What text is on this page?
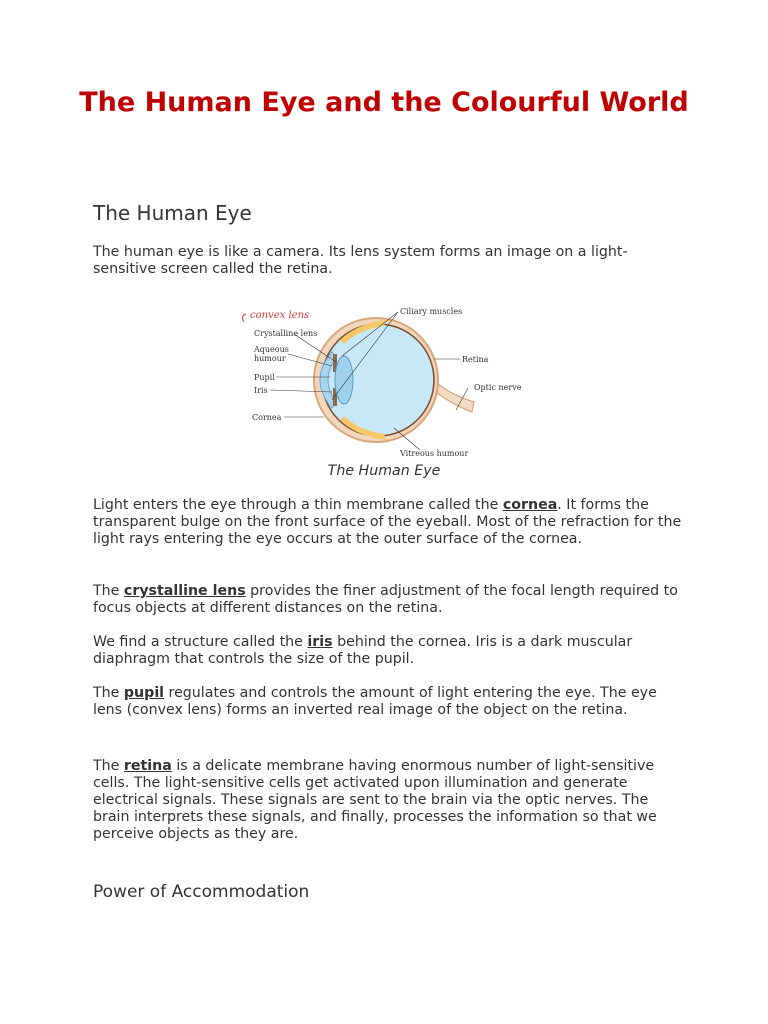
The Human Eye and the Colourful World
The Human Eye

The human eye is like a camera. Its lens system forms an image on a light-sensitive screen called the retina.

convex lens	Ciliary muscles
Crystalline lens
Aqueous
humour
Pupil
Iris
Cornea
Retina
Optic nerve
Vitreous humour
The Human Eye

Light enters the eye through a thin membrane called the cornea. It forms the transparent bulge on the front surface of the eyeball. Most of the refraction for the light rays entering the eye occurs at the outer surface of the cornea.

The crystalline lens provides the finer adjustment of the focal length required to focus objects at different distances on the retina.

We find a structure called the iris behind the cornea. Iris is a dark muscular diaphragm that controls the size of the pupil.

The pupil regulates and controls the amount of light entering the eye. The eye lens (convex lens) forms an inverted real image of the object on the retina.

The retina is a delicate membrane having enormous number of light-sensitive cells. The light-sensitive cells get activated upon illumination and generate electrical signals. These signals are sent to the brain via the optic nerves. The brain interprets these signals, and finally, processes the information so that we perceive objects as they are.

Power of Accommodation
